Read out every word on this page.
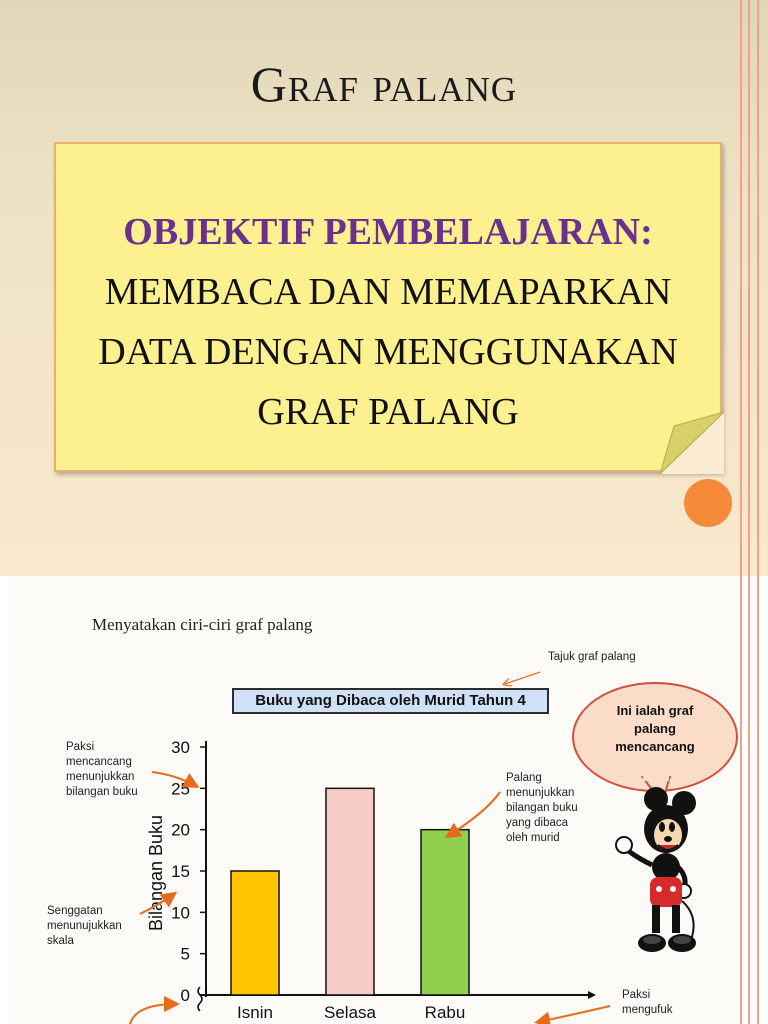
Graf palang
OBJEKTIF PEMBELAJARAN:
MEMBACA DAN MEMAPARKAN
DATA DENGAN MENGGUNAKAN
GRAF PALANG
Menyatakan ciri-ciri graf palang
Tajuk graf palang
Buku yang Dibaca oleh Murid Tahun 4
Paksi
mencancang
menunjukkan
bilangan buku
Palang
menunjukkan
bilangan buku
yang dibaca
oleh murid
Senggatan
menunujukkan
skala
Paksi
mengufuk
Ini ialah graf
palang
mencancang
0
5
10
15
20
25
30
Bilangan Buku
Isnin	Selasa	Rabu
